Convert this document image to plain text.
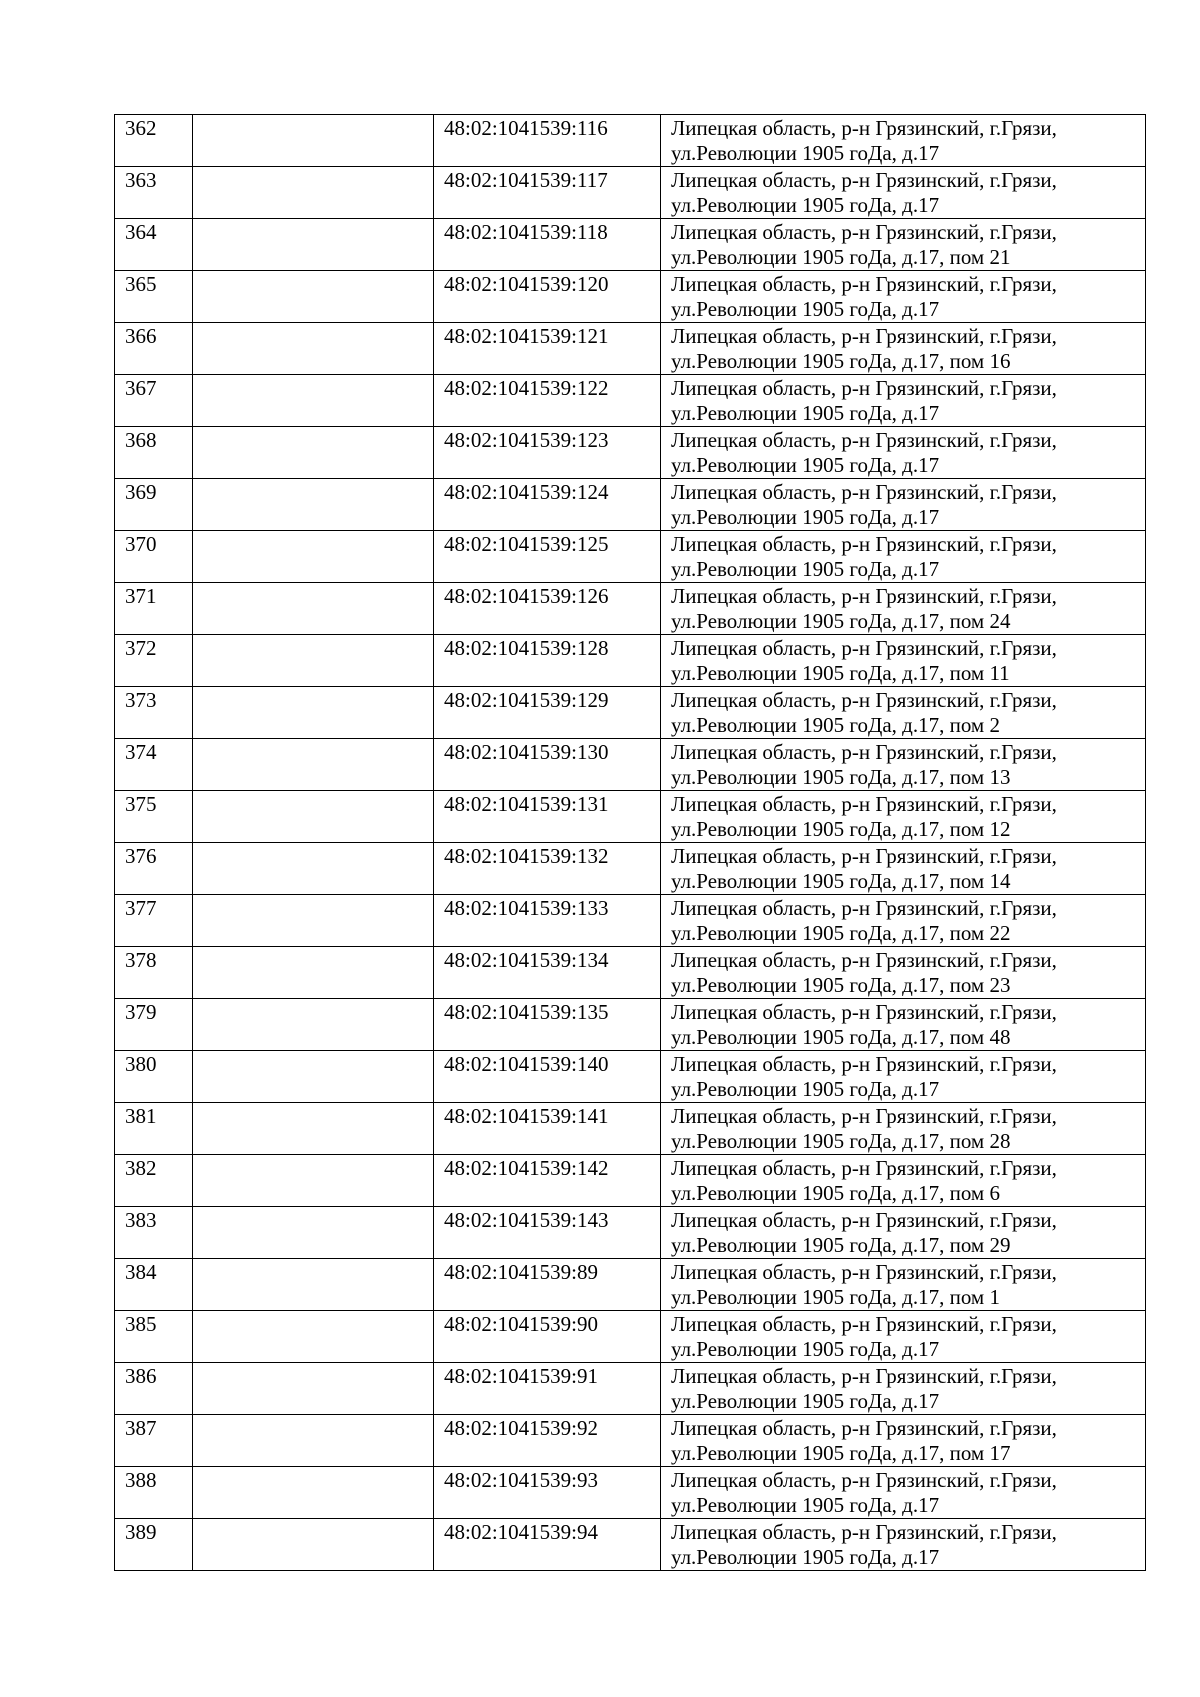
362		48:02:1041539:116	Липецкая область, р-н Грязинский, г.Грязи,
ул.Революции 1905 гоДа, д.17

363		48:02:1041539:117	Липецкая область, р-н Грязинский, г.Грязи,
ул.Революции 1905 гоДа, д.17

364		48:02:1041539:118	Липецкая область, р-н Грязинский, г.Грязи,
ул.Революции 1905 гоДа, д.17, пом 21

365		48:02:1041539:120	Липецкая область, р-н Грязинский, г.Грязи,
ул.Революции 1905 гоДа, д.17

366		48:02:1041539:121	Липецкая область, р-н Грязинский, г.Грязи,
ул.Революции 1905 гоДа, д.17, пом 16

367		48:02:1041539:122	Липецкая область, р-н Грязинский, г.Грязи,
ул.Революции 1905 гоДа, д.17

368		48:02:1041539:123	Липецкая область, р-н Грязинский, г.Грязи,
ул.Революции 1905 гоДа, д.17

369		48:02:1041539:124	Липецкая область, р-н Грязинский, г.Грязи,
ул.Революции 1905 гоДа, д.17

370		48:02:1041539:125	Липецкая область, р-н Грязинский, г.Грязи,
ул.Революции 1905 гоДа, д.17

371		48:02:1041539:126	Липецкая область, р-н Грязинский, г.Грязи,
ул.Революции 1905 гоДа, д.17, пом 24

372		48:02:1041539:128	Липецкая область, р-н Грязинский, г.Грязи,
ул.Революции 1905 гоДа, д.17, пом 11

373		48:02:1041539:129	Липецкая область, р-н Грязинский, г.Грязи,
ул.Революции 1905 гоДа, д.17, пом 2

374		48:02:1041539:130	Липецкая область, р-н Грязинский, г.Грязи,
ул.Революции 1905 гоДа, д.17, пом 13

375		48:02:1041539:131	Липецкая область, р-н Грязинский, г.Грязи,
ул.Революции 1905 гоДа, д.17, пом 12

376		48:02:1041539:132	Липецкая область, р-н Грязинский, г.Грязи,
ул.Революции 1905 гоДа, д.17, пом 14

377		48:02:1041539:133	Липецкая область, р-н Грязинский, г.Грязи,
ул.Революции 1905 гоДа, д.17, пом 22

378		48:02:1041539:134	Липецкая область, р-н Грязинский, г.Грязи,
ул.Революции 1905 гоДа, д.17, пом 23

379		48:02:1041539:135	Липецкая область, р-н Грязинский, г.Грязи,
ул.Революции 1905 гоДа, д.17, пом 48

380		48:02:1041539:140	Липецкая область, р-н Грязинский, г.Грязи,
ул.Революции 1905 гоДа, д.17

381		48:02:1041539:141	Липецкая область, р-н Грязинский, г.Грязи,
ул.Революции 1905 гоДа, д.17, пом 28

382		48:02:1041539:142	Липецкая область, р-н Грязинский, г.Грязи,
ул.Революции 1905 гоДа, д.17, пом 6

383		48:02:1041539:143	Липецкая область, р-н Грязинский, г.Грязи,
ул.Революции 1905 гоДа, д.17, пом 29

384		48:02:1041539:89	Липецкая область, р-н Грязинский, г.Грязи,
ул.Революции 1905 гоДа, д.17, пом 1

385		48:02:1041539:90	Липецкая область, р-н Грязинский, г.Грязи,
ул.Революции 1905 гоДа, д.17

386		48:02:1041539:91	Липецкая область, р-н Грязинский, г.Грязи,
ул.Революции 1905 гоДа, д.17

387		48:02:1041539:92	Липецкая область, р-н Грязинский, г.Грязи,
ул.Революции 1905 гоДа, д.17, пом 17

388		48:02:1041539:93	Липецкая область, р-н Грязинский, г.Грязи,
ул.Революции 1905 гоДа, д.17

389		48:02:1041539:94	Липецкая область, р-н Грязинский, г.Грязи,
ул.Революции 1905 гоДа, д.17
